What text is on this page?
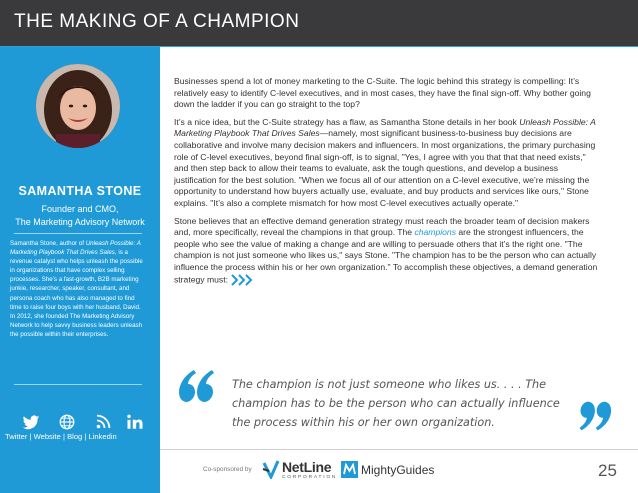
THE MAKING OF A CHAMPION
SAMANTHA STONE
Founder and CMO,
The Marketing Advisory Network
Samantha Stone, author of Unleash Possible: A Marketing Playbook That Drives Sales, is a revenue catalyst who helps unleash the possible in organizations that have complex selling processes. She’s a fast-growth, B2B marketing junkie, researcher, speaker, consultant, and persona coach who has also managed to find time to raise four boys with her husband, David. In 2012, she founded The Marketing Advisory Network to help savvy business leaders unleash the possible within their enterprises.
Twitter | Website | Blog | Linkedin

Businesses spend a lot of money marketing to the C-Suite. The logic behind this strategy is compelling: It’s relatively easy to identify C-level executives, and in most cases, they have the final sign-off. Why bother going down the ladder if you can go straight to the top?

It’s a nice idea, but the C-Suite strategy has a flaw, as Samantha Stone details in her book Unleash Possible: A Marketing Playbook That Drives Sales—namely, most significant business-to-business buy decisions are collaborative and involve many decision makers and influencers. In most organizations, the primary purchasing role of C-level executives, beyond final sign-off, is to signal, "Yes, I agree with you that that that need exists," and then step back to allow their teams to evaluate, ask the tough questions, and develop a business justification for the best solution. "When we focus all of our attention on a C-level executive, we’re missing the opportunity to understand how buyers actually use, evaluate, and buy products and services like ours," Stone explains. "It’s also a complete mismatch for how most C-level executives actually operate."

Stone believes that an effective demand generation strategy must reach the broader team of decision makers and, more specifically, reveal the champions in that group. The champions are the strongest influencers, the people who see the value of making a change and are willing to persuade others that it’s the right one. "The champion is not just someone who likes us," says Stone. "The champion has to be the person who can actually influence the process within his or her own organization." To accomplish these objectives, a demand generation strategy must:

The champion is not just someone who likes us. . . . The
champion has to be the person who can actually influence
the process within his or her own organization.
Co-sponsored by NetLine
CORPORATION
MightyGuides	25
